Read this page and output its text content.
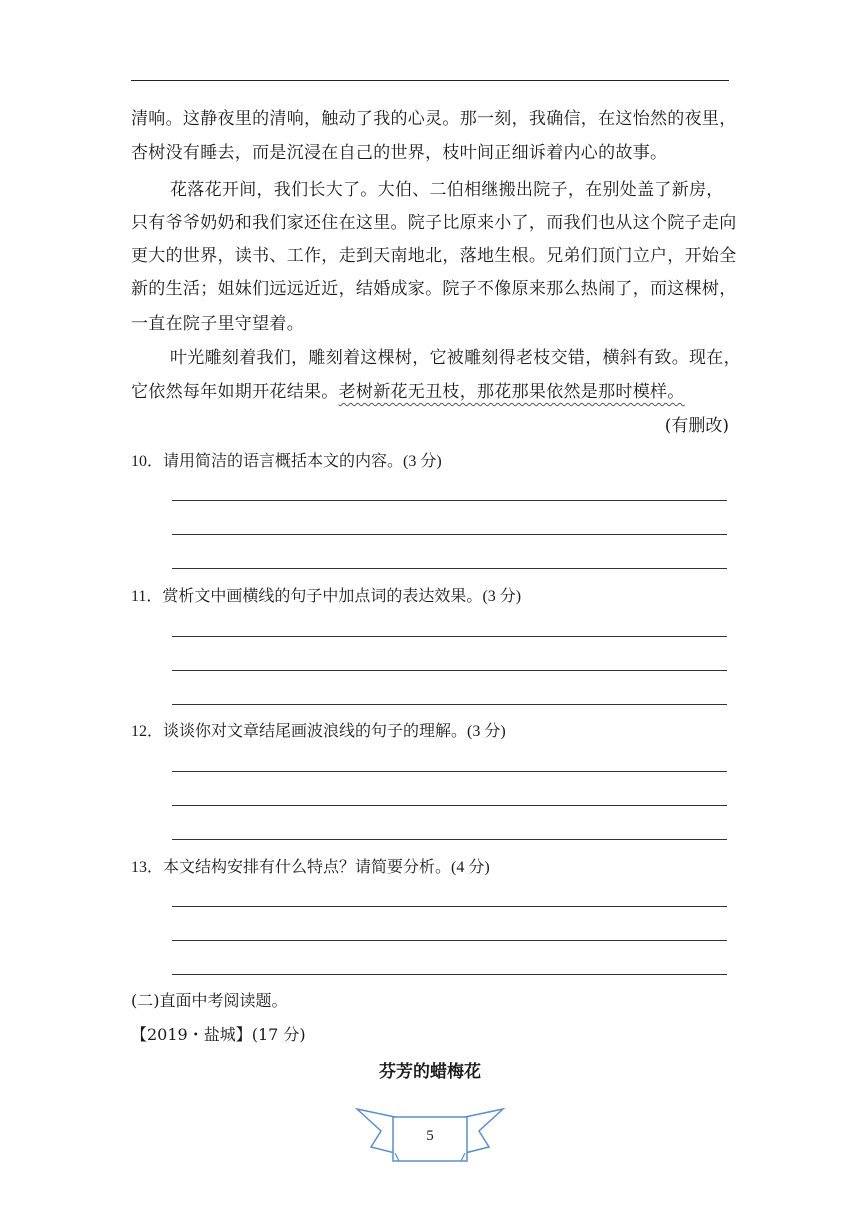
清响。这静夜里的清响，触动了我的心灵。那一刻，我确信，在这怡然的夜里，
杏树没有睡去，而是沉浸在自己的世界，枝叶间正细诉着内心的故事。
花落花开间，我们长大了。大伯、二伯相继搬出院子，在别处盖了新房，
只有爷爷奶奶和我们家还住在这里。院子比原来小了，而我们也从这个院子走向
更大的世界，读书、工作，走到天南地北，落地生根。兄弟们顶门立户，开始全
新的生活；姐妹们远远近近，结婚成家。院子不像原来那么热闹了，而这棵树，
一直在院子里守望着。
叶光雕刻着我们，雕刻着这棵树，它被雕刻得老枝交错，横斜有致。现在，
它依然每年如期开花结果。老树新花无丑枝，那花那果依然是那时模样。
(有删改)
10．请用简洁的语言概括本文的内容。(3 分)
11．赏析文中画横线的句子中加点词的表达效果。(3 分)
12．谈谈你对文章结尾画波浪线的句子的理解。(3 分)
13．本文结构安排有什么特点？请简要分析。(4 分)
(二)直面中考阅读题。
【2019・盐城】(17 分)
芬芳的蜡梅花
5
